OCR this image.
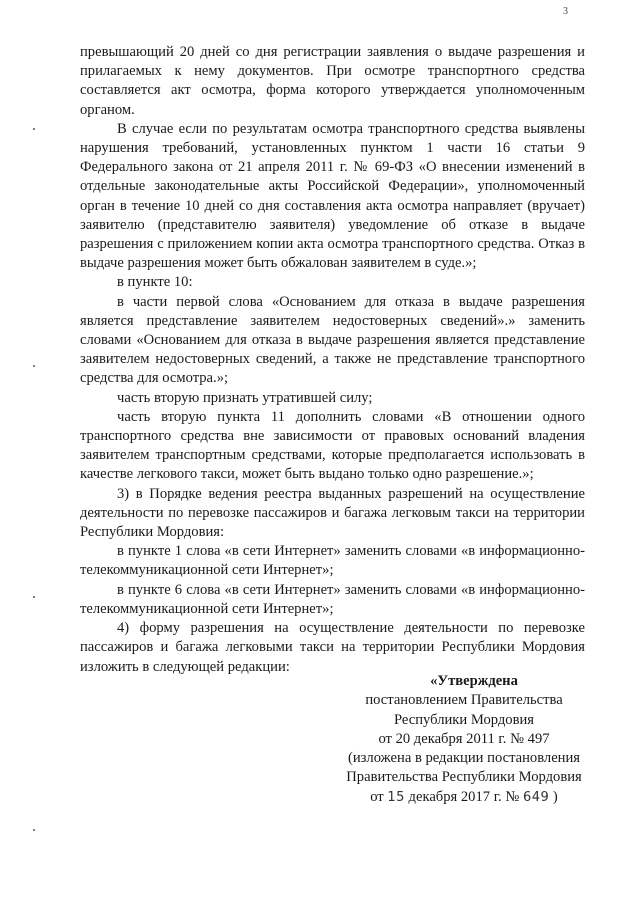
3

превышающий 20 дней со дня регистрации заявления о выдаче разрешения и прилагаемых к нему документов. При осмотре транспортного средства составляется акт осмотра, форма которого утверждается уполномоченным органом.

В случае если по результатам осмотра транспортного средства выявлены нарушения требований, установленных пунктом 1 части 16 статьи 9 Федерального закона от 21 апреля 2011 г. № 69-ФЗ «О внесении изменений в отдельные законодательные акты Российской Федерации», уполномоченный орган в течение 10 дней со дня составления акта осмотра направляет (вручает) заявителю (представителю заявителя) уведомление об отказе в выдаче разрешения с приложением копии акта осмотра транспортного средства. Отказ в выдаче разрешения может быть обжалован заявителем в суде.»;

в пункте 10:

в части первой слова «Основанием для отказа в выдаче разрешения является представление заявителем недостоверных сведений».» заменить словами «Основанием для отказа в выдаче разрешения является представление заявителем недостоверных сведений, а также не представление транспортного средства для осмотра.»;

часть вторую признать утратившей силу;

часть вторую пункта 11 дополнить словами «В отношении одного транспортного средства вне зависимости от правовых оснований владения заявителем транспортным средствами, которые предполагается использовать в качестве легкового такси, может быть выдано только одно разрешение.»;

3) в Порядке ведения реестра выданных разрешений на осуществление деятельности по перевозке пассажиров и багажа легковым такси на территории Республики Мордовия:

в пункте 1 слова «в сети Интернет» заменить словами «в информационно-телекоммуникационной сети Интернет»;

в пункте 6 слова «в сети Интернет» заменить словами «в информационно-телекоммуникационной сети Интернет»;

4) форму разрешения на осуществление деятельности по перевозке пассажиров и багажа легковыми такси на территории Республики Мордовия изложить в следующей редакции:

«Утверждена
постановлением Правительства
Республики Мордовия
от 20 декабря 2011 г. № 497
(изложена в редакции постановления
Правительства Республики Мордовия
от 15 декабря 2017 г. № 649 )
